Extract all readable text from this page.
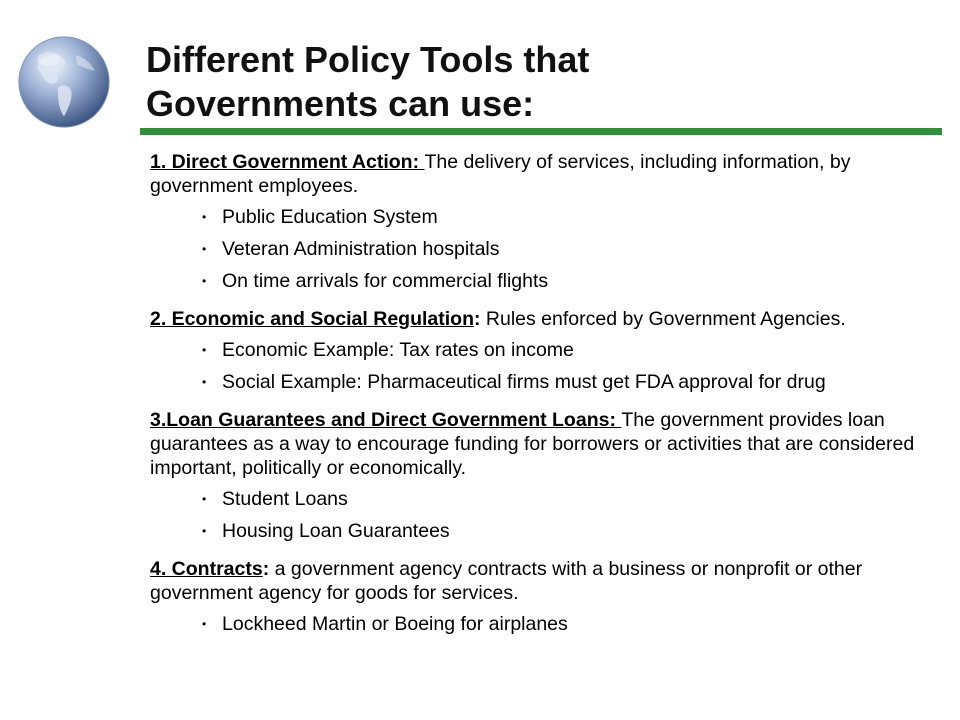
Different Policy Tools that
Governments can use:

1. Direct Government Action: The delivery of services, including information, by government employees.

• Public Education System
• Veteran Administration hospitals
• On time arrivals for commercial flights

2. Economic and Social Regulation: Rules enforced by Government Agencies.

• Economic Example: Tax rates on income
• Social Example: Pharmaceutical firms must get FDA approval for drug

3.Loan Guarantees and Direct Government Loans: The government provides loan guarantees as a way to encourage funding for borrowers or activities that are considered important, politically or economically.

• Student Loans
• Housing Loan Guarantees

4. Contracts: a government agency contracts with a business or nonprofit or other government agency for goods for services.

• Lockheed Martin or Boeing for airplanes
